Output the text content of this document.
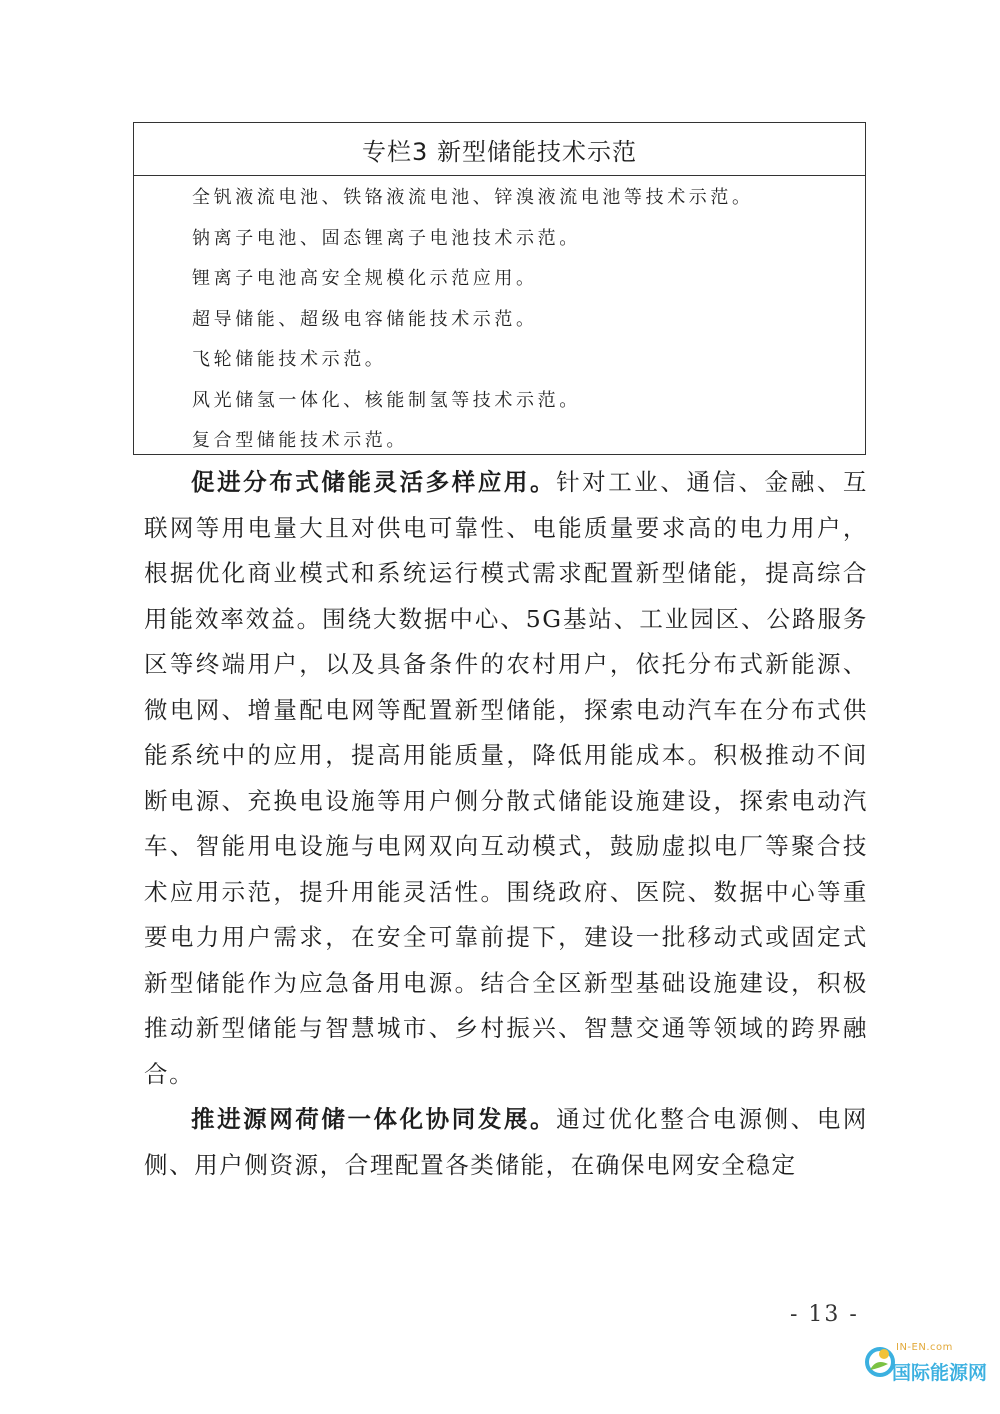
专栏3 新型储能技术示范
全钒液流电池、铁铬液流电池、锌溴液流电池等技术示范。
钠离子电池、固态锂离子电池技术示范。
锂离子电池高安全规模化示范应用。
超导储能、超级电容储能技术示范。
飞轮储能技术示范。
风光储氢一体化、核能制氢等技术示范。
复合型储能技术示范。

促进分布式储能灵活多样应用。针对工业、通信、金融、互联网等用电量大且对供电可靠性、电能质量要求高的电力用户，根据优化商业模式和系统运行模式需求配置新型储能，提高综合用能效率效益。围绕大数据中心、5G基站、工业园区、公路服务区等终端用户，以及具备条件的农村用户，依托分布式新能源、微电网、增量配电网等配置新型储能，探索电动汽车在分布式供能系统中的应用，提高用能质量，降低用能成本。积极推动不间断电源、充换电设施等用户侧分散式储能设施建设，探索电动汽车、智能用电设施与电网双向互动模式，鼓励虚拟电厂等聚合技术应用示范，提升用能灵活性。围绕政府、医院、数据中心等重要电力用户需求，在安全可靠前提下，建设一批移动式或固定式新型储能作为应急备用电源。结合全区新型基础设施建设，积极推动新型储能与智慧城市、乡村振兴、智慧交通等领域的跨界融合。

推进源网荷储一体化协同发展。通过优化整合电源侧、电网侧、用户侧资源，合理配置各类储能，在确保电网安全稳定

- 13 -
IN-EN.com
国际能源网
